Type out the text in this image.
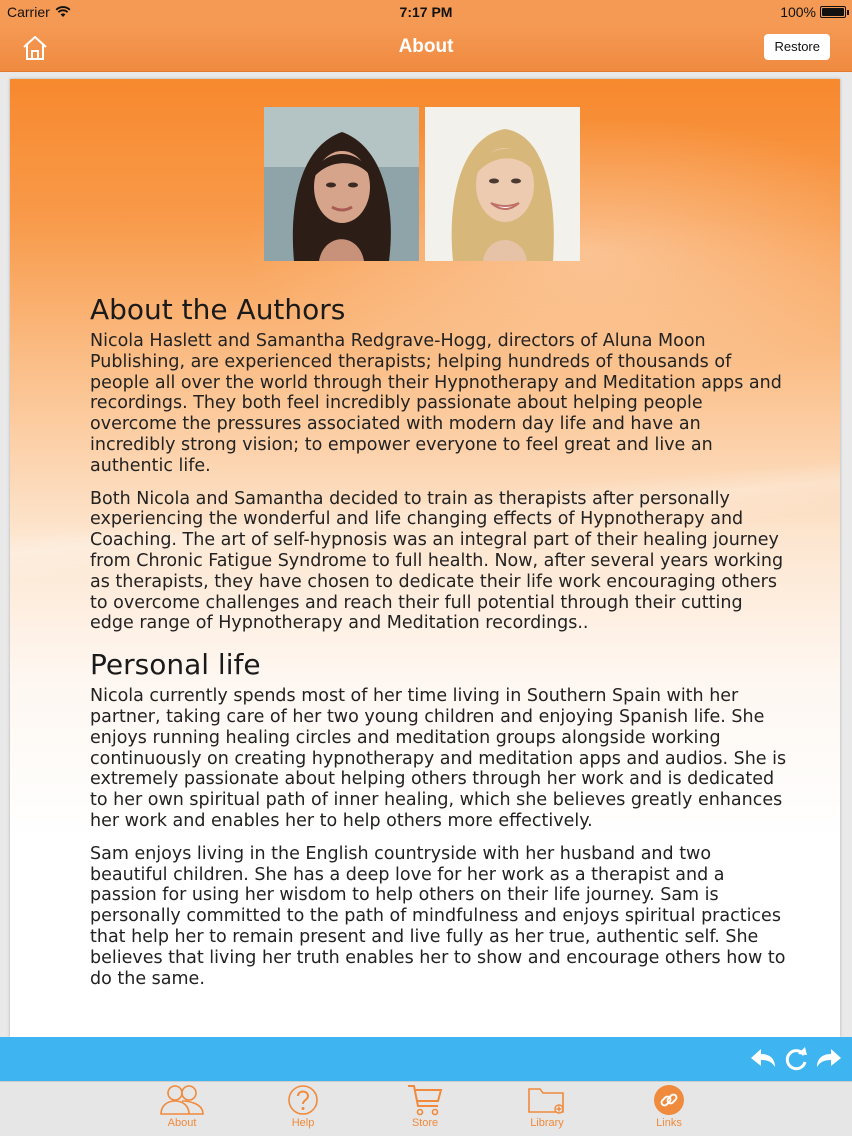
Carrier	7:17 PM	100%
About	Restore
About the Authors

Nicola Haslett and Samantha Redgrave-Hogg, directors of Aluna Moon Publishing, are experienced therapists; helping hundreds of thousands of people all over the world through their Hypnotherapy and Meditation apps and recordings. They both feel incredibly passionate about helping people overcome the pressures associated with modern day life and have an incredibly strong vision; to empower everyone to feel great and live an authentic life.

Both Nicola and Samantha decided to train as therapists after personally experiencing the wonderful and life changing effects of Hypnotherapy and Coaching. The art of self-hypnosis was an integral part of their healing journey from Chronic Fatigue Syndrome to full health. Now, after several years working as therapists, they have chosen to dedicate their life work encouraging others to overcome challenges and reach their full potential through their cutting edge range of Hypnotherapy and Meditation recordings..

Personal life

Nicola currently spends most of her time living in Southern Spain with her partner, taking care of her two young children and enjoying Spanish life. She enjoys running healing circles and meditation groups alongside working continuously on creating hypnotherapy and meditation apps and audios. She is extremely passionate about helping others through her work and is dedicated to her own spiritual path of inner healing, which she believes greatly enhances her work and enables her to help others more effectively.

Sam enjoys living in the English countryside with her husband and two beautiful children. She has a deep love for her work as a therapist and a passion for using her wisdom to help others on their life journey. Sam is personally committed to the path of mindfulness and enjoys spiritual practices that help her to remain present and live fully as her true, authentic self. She believes that living her truth enables her to show and encourage others how to do the same.

About	Help	Store	Library	Links
